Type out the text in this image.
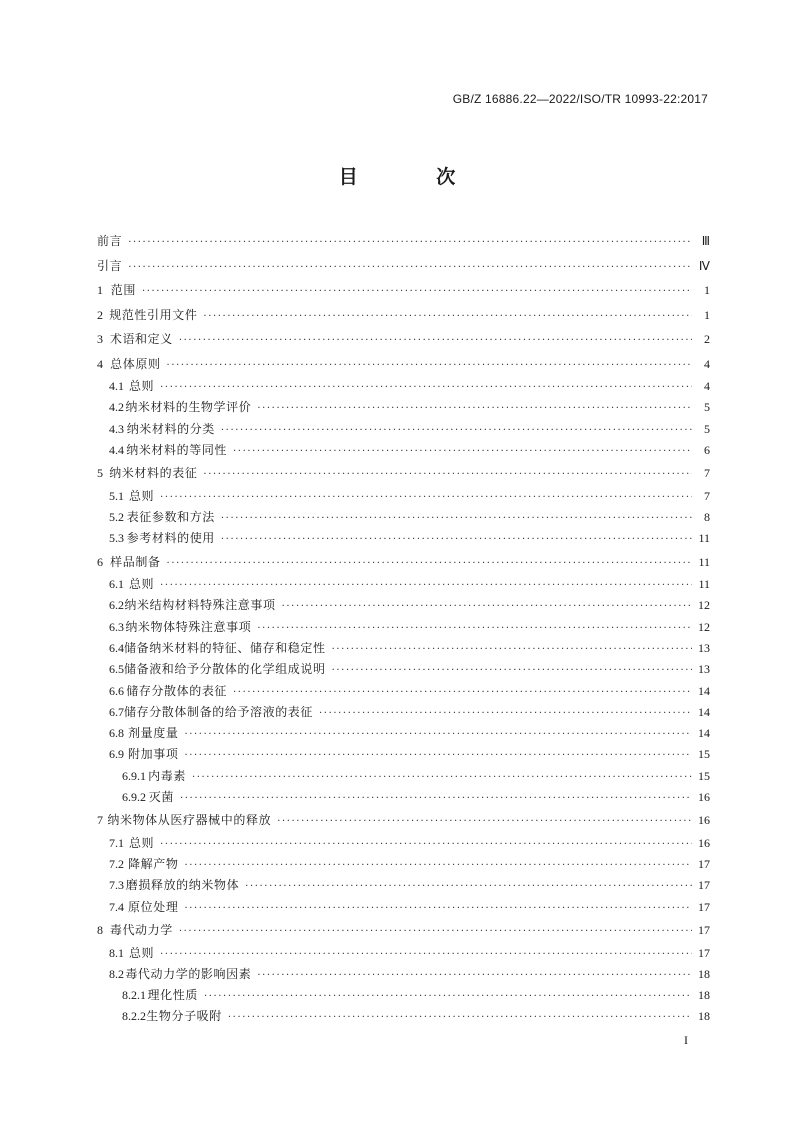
GB/Z 16886.22—2022/ISO/TR 10993-22:2017
目 次
前言 ·····	Ⅲ
引言 ·····	Ⅳ
1 范围 ·····	1
2 规范性引用文件 ·····	1
3 术语和定义 ·····	2
4 总体原则 ·····	4
4.1 总则 ·····	4
4.2 纳米材料的生物学评价 ·····	5
4.3 纳米材料的分类 ·····	5
4.4 纳米材料的等同性 ·····	6
5 纳米材料的表征 ·····	7
5.1 总则 ·····	7
5.2 表征参数和方法 ·····	8
5.3 参考材料的使用 ·····	11
6 样品制备 ·····	11
6.1 总则 ·····	11
6.2 纳米结构材料特殊注意事项 ·····	12
6.3 纳米物体特殊注意事项 ·····	12
6.4 储备纳米材料的特征、储存和稳定性 ·····	13
6.5 储备液和给予分散体的化学组成说明 ·····	13
6.6 储存分散体的表征 ·····	14
6.7 储存分散体制备的给予溶液的表征 ·····	14
6.8 剂量度量 ·····	14
6.9 附加事项 ·····	15
6.9.1 内毒素 ·····	15
6.9.2 灭菌 ·····	16
7 纳米物体从医疗器械中的释放 ·····	16
7.1 总则 ·····	16
7.2 降解产物 ·····	17
7.3 磨损释放的纳米物体 ·····	17
7.4 原位处理 ·····	17
8 毒代动力学 ·····	17
8.1 总则 ·····	17
8.2 毒代动力学的影响因素 ·····	18
8.2.1 理化性质 ·····	18
8.2.2 生物分子吸附 ·····	18
I
